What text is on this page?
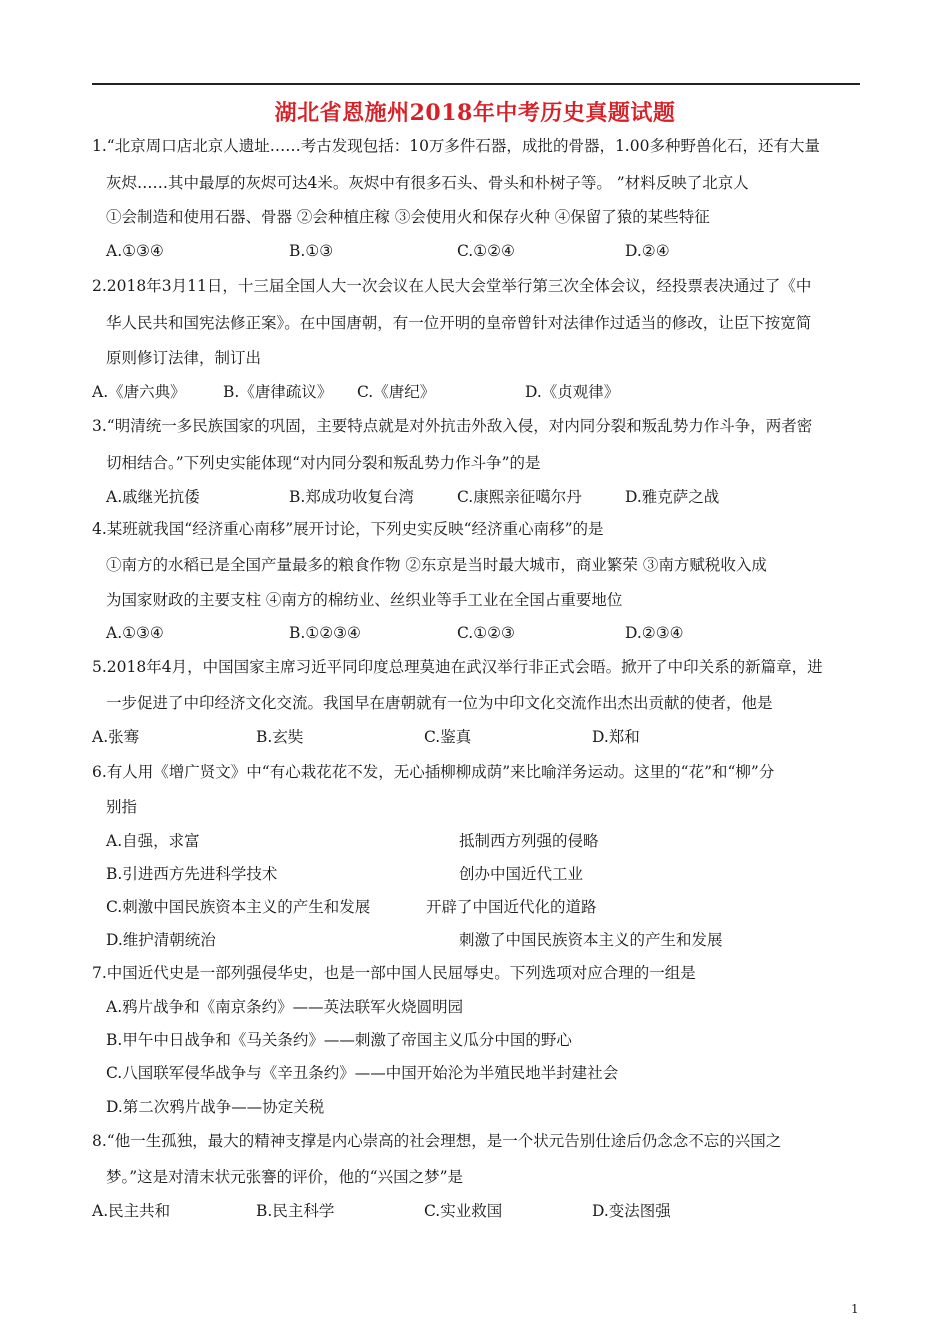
湖北省恩施州2018年中考历史真题试题
1.“北京周口店北京人遗址……考古发现包括：10万多件石器，成批的骨器，1.00多种野兽化石，还有大量
灰烬……其中最厚的灰烬可达4米。灰烬中有很多石头、骨头和朴树子等。 ”材料反映了北京人
①会制造和使用石器、骨器 ②会种植庄稼 ③会使用火和保存火种 ④保留了猿的某些特征
A.①③④	B.①③	C.①②④	D.②④
2.2018年3月11日，十三届全国人大一次会议在人民大会堂举行第三次全体会议，经投票表决通过了《中
华人民共和国宪法修正案》。在中国唐朝，有一位开明的皇帝曾针对法律作过适当的修改，让臣下按宽简
原则修订法律，制订出
A.《唐六典》 B.《唐律疏议》 C.《唐纪》	D.《贞观律》
3.“明清统一多民族国家的巩固，主要特点就是对外抗击外敌入侵，对内同分裂和叛乱势力作斗争，两者密
切相结合。”下列史实能体现“对内同分裂和叛乱势力作斗争”的是
A.戚继光抗倭	B.郑成功收复台湾	C.康熙亲征噶尔丹	D.雅克萨之战
4.某班就我国“经济重心南移”展开讨论，下列史实反映“经济重心南移”的是
①南方的水稻已是全国产量最多的粮食作物 ②东京是当时最大城市，商业繁荣 ③南方赋税收入成
为国家财政的主要支柱 ④南方的棉纺业、丝织业等手工业在全国占重要地位
A.①③④	B.①②③④	C.①②③	D.②③④
5.2018年4月，中国国家主席习近平同印度总理莫迪在武汉举行非正式会晤。掀开了中印关系的新篇章，进
一步促进了中印经济文化交流。我国早在唐朝就有一位为中印文化交流作出杰出贡献的使者，他是
A.张骞	B.玄奘	C.鉴真	D.郑和
6.有人用《增广贤文》中“有心栽花花不发，无心插柳柳成荫”来比喻洋务运动。这里的“花”和“柳”分
别指
A.自强，求富	抵制西方列强的侵略
B.引进西方先进科学技术	创办中国近代工业
C.刺激中国民族资本主义的产生和发展	开辟了中国近代化的道路
D.维护清朝统治	刺激了中国民族资本主义的产生和发展
7.中国近代史是一部列强侵华史，也是一部中国人民屈辱史。下列选项对应合理的一组是
A.鸦片战争和《南京条约》——英法联军火烧圆明园
B.甲午中日战争和《马关条约》——刺激了帝国主义瓜分中国的野心
C.八国联军侵华战争与《辛丑条约》——中国开始沦为半殖民地半封建社会
D.第二次鸦片战争——协定关税
8.“他一生孤独，最大的精神支撑是内心崇高的社会理想，是一个状元告别仕途后仍念念不忘的兴国之
梦。”这是对清末状元张謇的评价，他的“兴国之梦”是
A.民主共和	B.民主科学	C.实业救国	D.变法图强
1
